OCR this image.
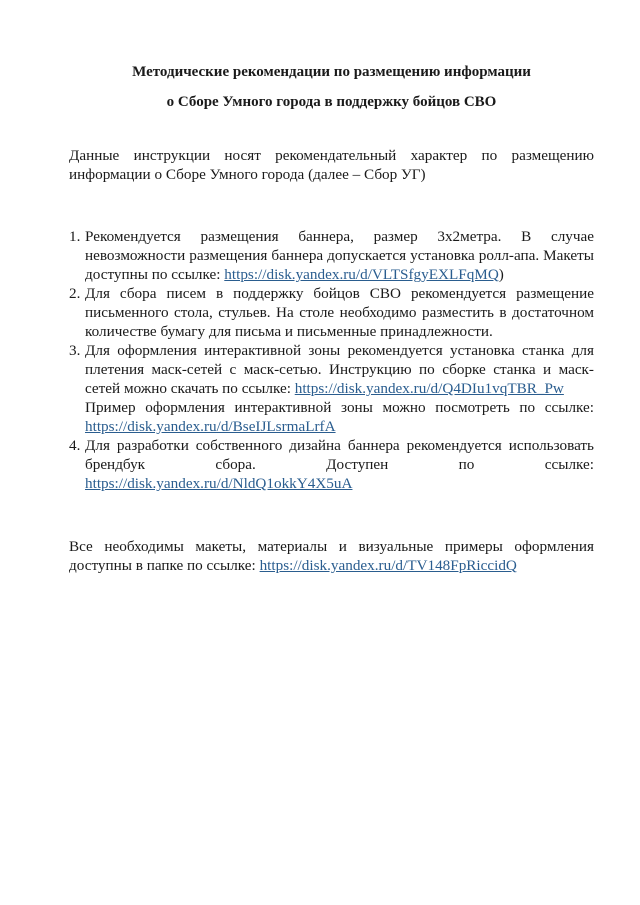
Методические рекомендации по размещению информации

о Сборе Умного города в поддержку бойцов СВО

Данные инструкции носят рекомендательный характер по размещению информации о Сборе Умного города (далее – Сбор УГ)
1. Рекомендуется размещения баннера, размер 3х2метра. В случае невозможности размещения баннера допускается установка ролл-апа. Макеты доступны по ссылке: https://disk.yandex.ru/d/VLTSfgyEXLFqMQ)

2. Для сбора писем в поддержку бойцов СВО рекомендуется размещение письменного стола, стульев. На столе необходимо разместить в достаточном количестве бумагу для письма и письменные принадлежности.

3. Для оформления интерактивной зоны рекомендуется установка станка для плетения маск-сетей с маск-сетью. Инструкцию по сборке станка и маск-сетей можно скачать по ссылке: https://disk.yandex.ru/d/Q4DIu1vqTBR_Pw

Пример оформления интерактивной зоны можно посмотреть по ссылке: https://disk.yandex.ru/d/BseIJLsrmaLrfA

4. Для разработки собственного дизайна баннера рекомендуется использовать брендбук сбора. Доступен по ссылке: https://disk.yandex.ru/d/NldQ1okkY4X5uA

Все необходимы макеты, материалы и визуальные примеры оформления доступны в папке по ссылке: https://disk.yandex.ru/d/TV148FpRiccidQ
